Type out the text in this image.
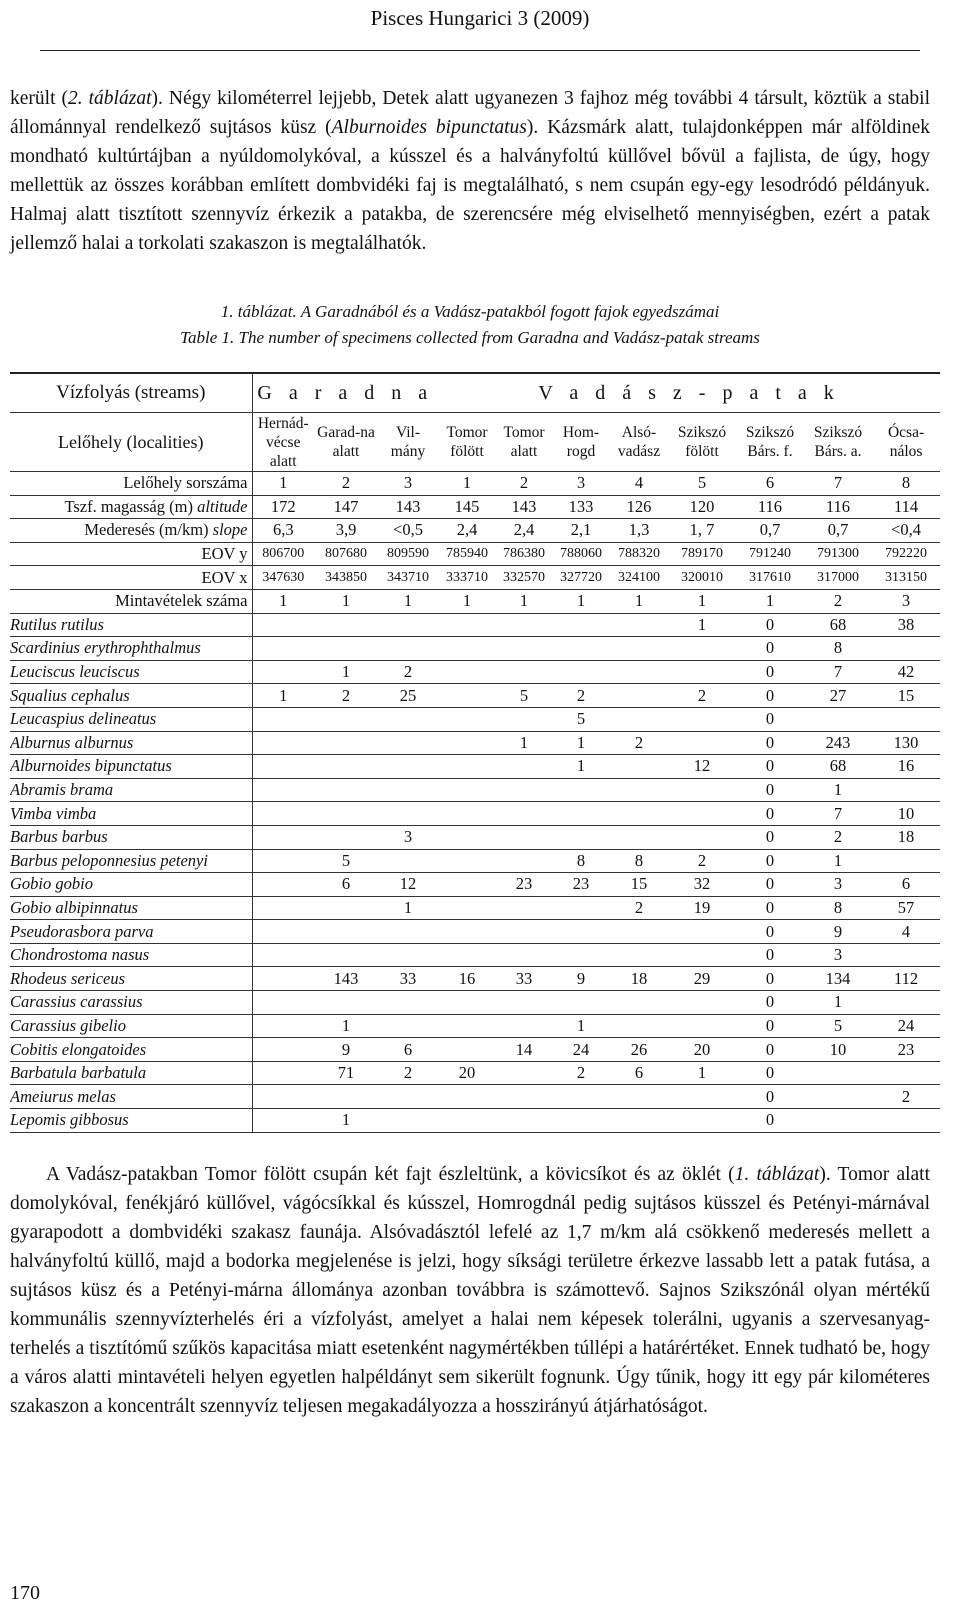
Pisces Hungarici 3 (2009)

került (2. táblázat). Négy kilométerrel lejjebb, Detek alatt ugyanezen 3 fajhoz még további 4 társult, köztük a stabil állománnyal rendelkező sujtásos küsz (Alburnoides bipunctatus). Kázsmárk alatt, tulajdonképpen már alföldinek mondható kultúrtájban a nyúldomolykóval, a kússzel és a halványfoltú küllővel bővül a fajlista, de úgy, hogy mellettük az összes korábban említett dombvidéki faj is megtalálható, s nem csupán egy-egy lesodródó példányuk. Halmaj alatt tisztított szennyvíz érkezik a patakba, de szerencsére még elviselhető mennyiségben, ezért a patak jellemző halai a torkolati szakaszon is megtalálhatók.

1. táblázat. A Garadnából és a Vadász-patakból fogott fajok egyedszámai
Table 1. The number of specimens collected from Garadna and Vadász-patak streams
Vízfolyás (streams)	G a r a d n a			V a d á s z - p a t a k							
Lelőhely (localities)	Hernád-vécse alatt	Garad-na alatt	Vil-mány	Tomor fölött	Tomor alatt	Hom-rogd	Alsó-vadász	Szikszó fölött	Szikszó Bárs. f.	Szikszó Bárs. a.	Ócsa-nálos
Lelőhely sorszáma	1	2	3	1	2	3	4	5	6	7	8
Tszf. magasság (m) altitude	172	147	143	145	143	133	126	120	116	116	114
Mederesés (m/km) slope	6,3	3,9	<0,5	2,4	2,4	2,1	1,3	1, 7	0,7	0,7	<0,4
EOV y	806700	807680	809590	785940	786380	788060	788320	789170	791240	791300	792220
EOV x	347630	343850	343710	333710	332570	327720	324100	320010	317610	317000	313150
Mintavételek száma	1	1	1	1	1	1	1	1	1	2	3
Rutilus rutilus								1	0	68	38
Scardinius erythrophthalmus									0	8	
Leuciscus leuciscus		1	2						0	7	42
Squalius cephalus	1	2	25		5	2		2	0	27	15
Leucaspius delineatus						5			0		
Alburnus alburnus					1	1	2		0	243	130
Alburnoides bipunctatus						1		12	0	68	16
Abramis brama									0	1	
Vimba vimba									0	7	10
Barbus barbus			3						0	2	18
Barbus peloponnesius petenyi		5				8	8	2	0	1	
Gobio gobio		6	12		23	23	15	32	0	3	6
Gobio albipinnatus			1				2	19	0	8	57
Pseudorasbora parva									0	9	4
Chondrostoma nasus									0	3	
Rhodeus sericeus		143	33	16	33	9	18	29	0	134	112
Carassius carassius									0	1	
Carassius gibelio		1				1			0	5	24
Cobitis elongatoides		9	6		14	24	26	20	0	10	23
Barbatula barbatula		71	2	20		2	6	1	0		
Ameiurus melas									0		2
Lepomis gibbosus		1							0		

A Vadász-patakban Tomor fölött csupán két fajt észleltünk, a kövicsíkot és az öklét (1. táblázat). Tomor alatt domolykóval, fenékjáró küllővel, vágócsíkkal és kússzel, Homrogdnál pedig sujtásos küsszel és Petényi-márnával gyarapodott a dombvidéki szakasz faunája. Alsóvadásztól lefelé az 1,7 m/km alá csökkenő mederesés mellett a halványfoltú küllő, majd a bodorka megjelenése is jelzi, hogy síksági területre érkezve lassabb lett a patak futása, a sujtásos küsz és a Petényi-márna állománya azonban továbbra is számottevő. Sajnos Szikszónál olyan mértékű kommunális szennyvízterhelés éri a vízfolyást, amelyet a halai nem képesek tolerálni, ugyanis a szervesanyag-terhelés a tisztítómű szűkös kapacitása miatt esetenként nagymértékben túllépi a határértéket. Ennek tudható be, hogy a város alatti mintavételi helyen egyetlen halpéldányt sem sikerült fognunk. Úgy tűnik, hogy itt egy pár kilométeres szakaszon a koncentrált szennyvíz teljesen megakadályozza a hosszirányú átjárhatóságot.

170
